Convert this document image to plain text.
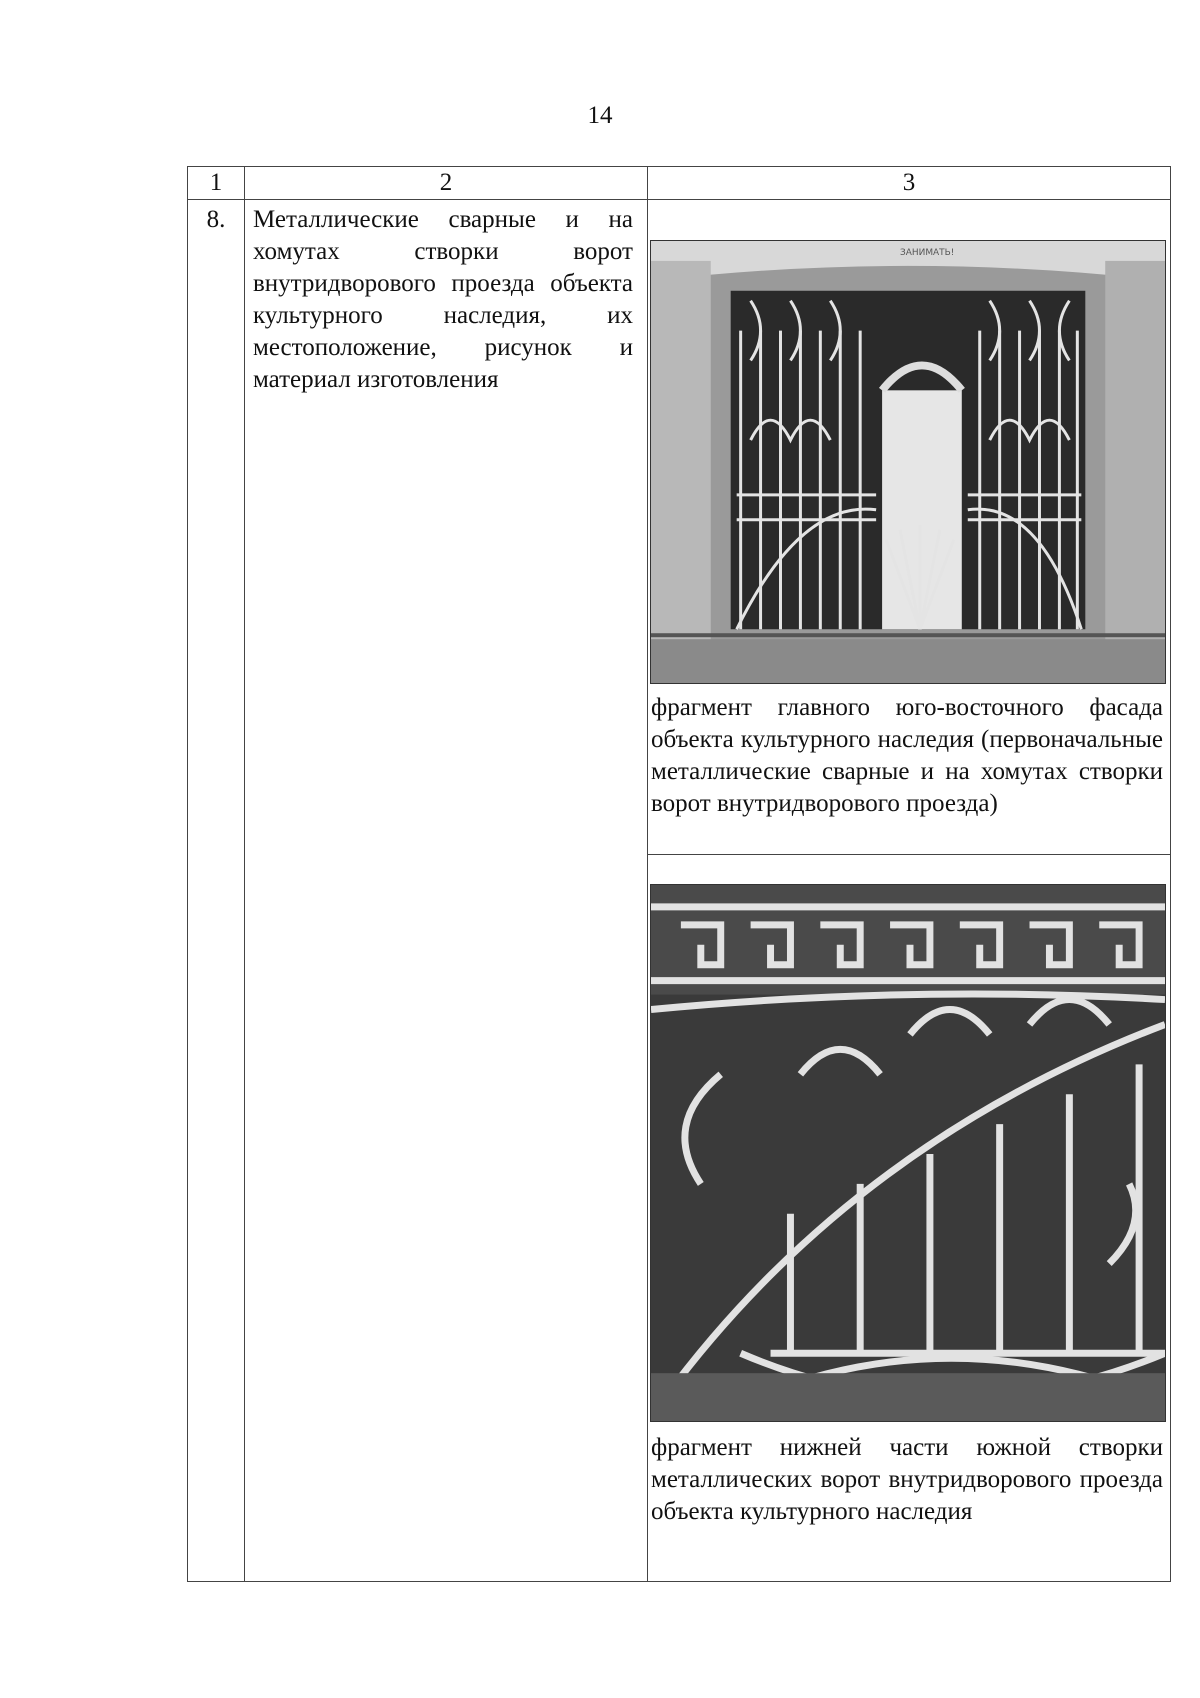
14
1	2	3
8.	Металлические сварные и на хомутах створки ворот внутридворового проезда объекта культурного наследия, их местоположение, рисунок и материал изготовления	ЗАНИМАТЬ!
фрагмент главного юго-восточного фасада объекта культурного наследия (первоначальные металлические сварные и на хомутах створки ворот внутридворового проезда)
фрагмент нижней части южной створки металлических ворот внутридворового проезда объекта культурного наследия
